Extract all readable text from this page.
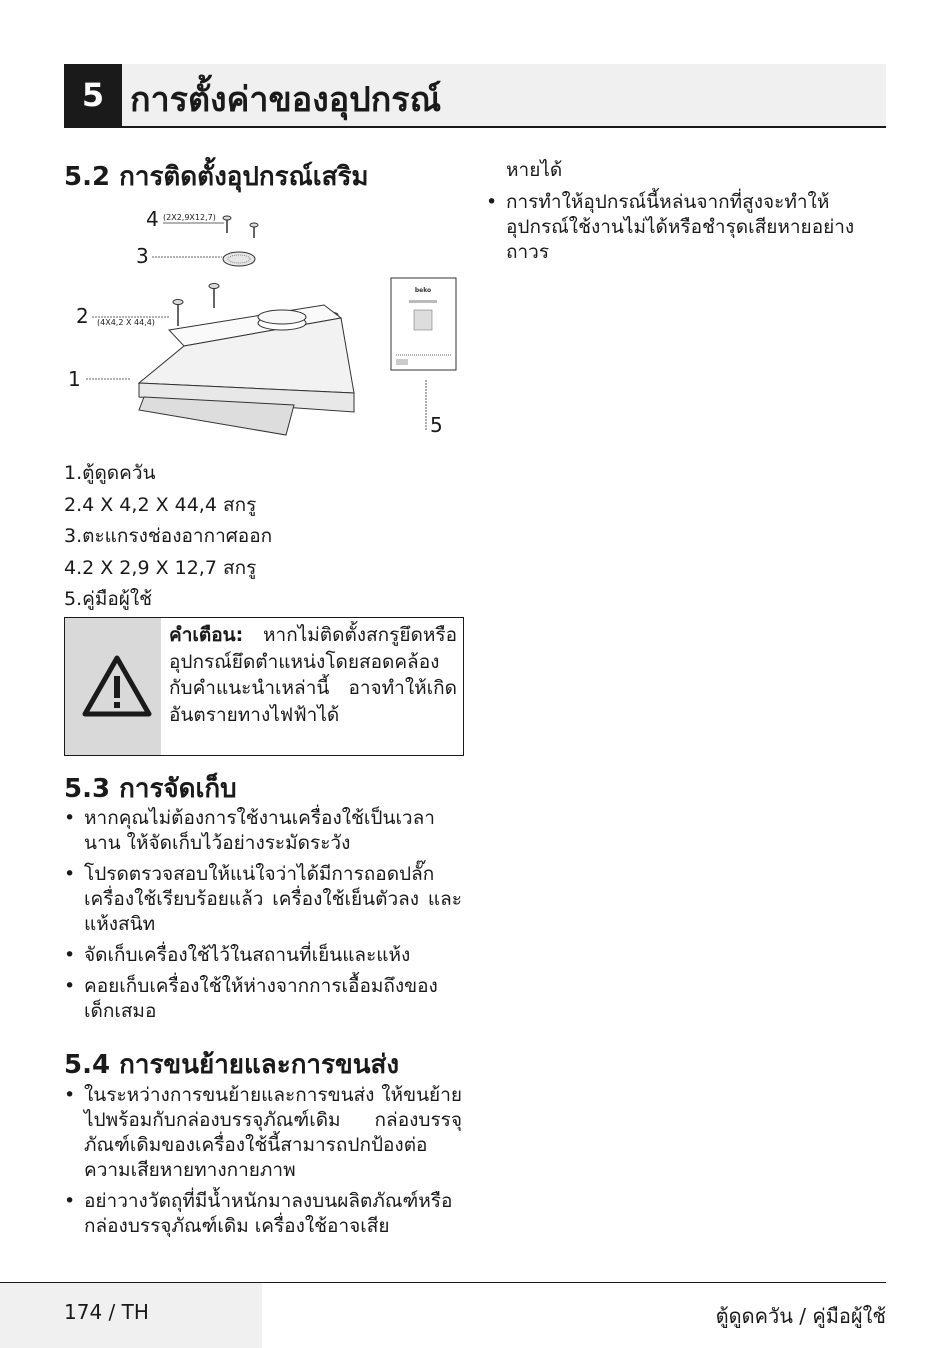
5 การตั้งค่าของอุปกรณ์
5.2 การติดตั้งอุปกรณ์เสริม
4 (2X2,9X12,7)
3
2 (4X4,2 X 44,4)
1
beko
5
1.ตู้ดูดควัน
2.4 X 4,2 X 44,4 สกรู
3.ตะแกรงช่องอากาศออก
4.2 X 2,9 X 12,7 สกรู
5.คู่มือผู้ใช้
คำเตือน: หากไม่ติดตั้งสกรูยึดหรืออุปกรณ์ยึดตำแหน่งโดยสอดคล้องกับคำแนะนำเหล่านี้ อาจทำให้เกิดอันตรายทางไฟฟ้าได้
5.3 การจัดเก็บ
• หากคุณไม่ต้องการใช้งานเครื่องใช้เป็นเวลานาน ให้จัดเก็บไว้อย่างระมัดระวัง
• โปรดตรวจสอบให้แน่ใจว่าได้มีการถอดปลั๊กเครื่องใช้เรียบร้อยแล้ว เครื่องใช้เย็นตัวลง และแห้งสนิท
• จัดเก็บเครื่องใช้ไว้ในสถานที่เย็นและแห้ง
• คอยเก็บเครื่องใช้ให้ห่างจากการเอื้อมถึงของเด็กเสมอ
5.4 การขนย้ายและการขนส่ง
• ในระหว่างการขนย้ายและการขนส่ง ให้ขนย้ายไปพร้อมกับกล่องบรรจุภัณฑ์เดิม กล่องบรรจุภัณฑ์เดิมของเครื่องใช้นี้สามารถปกป้องต่อความเสียหายทางกายภาพ
• อย่าวางวัตถุที่มีน้ำหนักมาลงบนผลิตภัณฑ์หรือกล่องบรรจุภัณฑ์เดิม เครื่องใช้อาจเสีย
หายได้
• การทำให้อุปกรณ์นี้หล่นจากที่สูงจะทำให้อุปกรณ์ใช้งานไม่ได้หรือชำรุดเสียหายอย่างถาวร
174 / TH	ตู้ดูดควัน / คู่มือผู้ใช้
